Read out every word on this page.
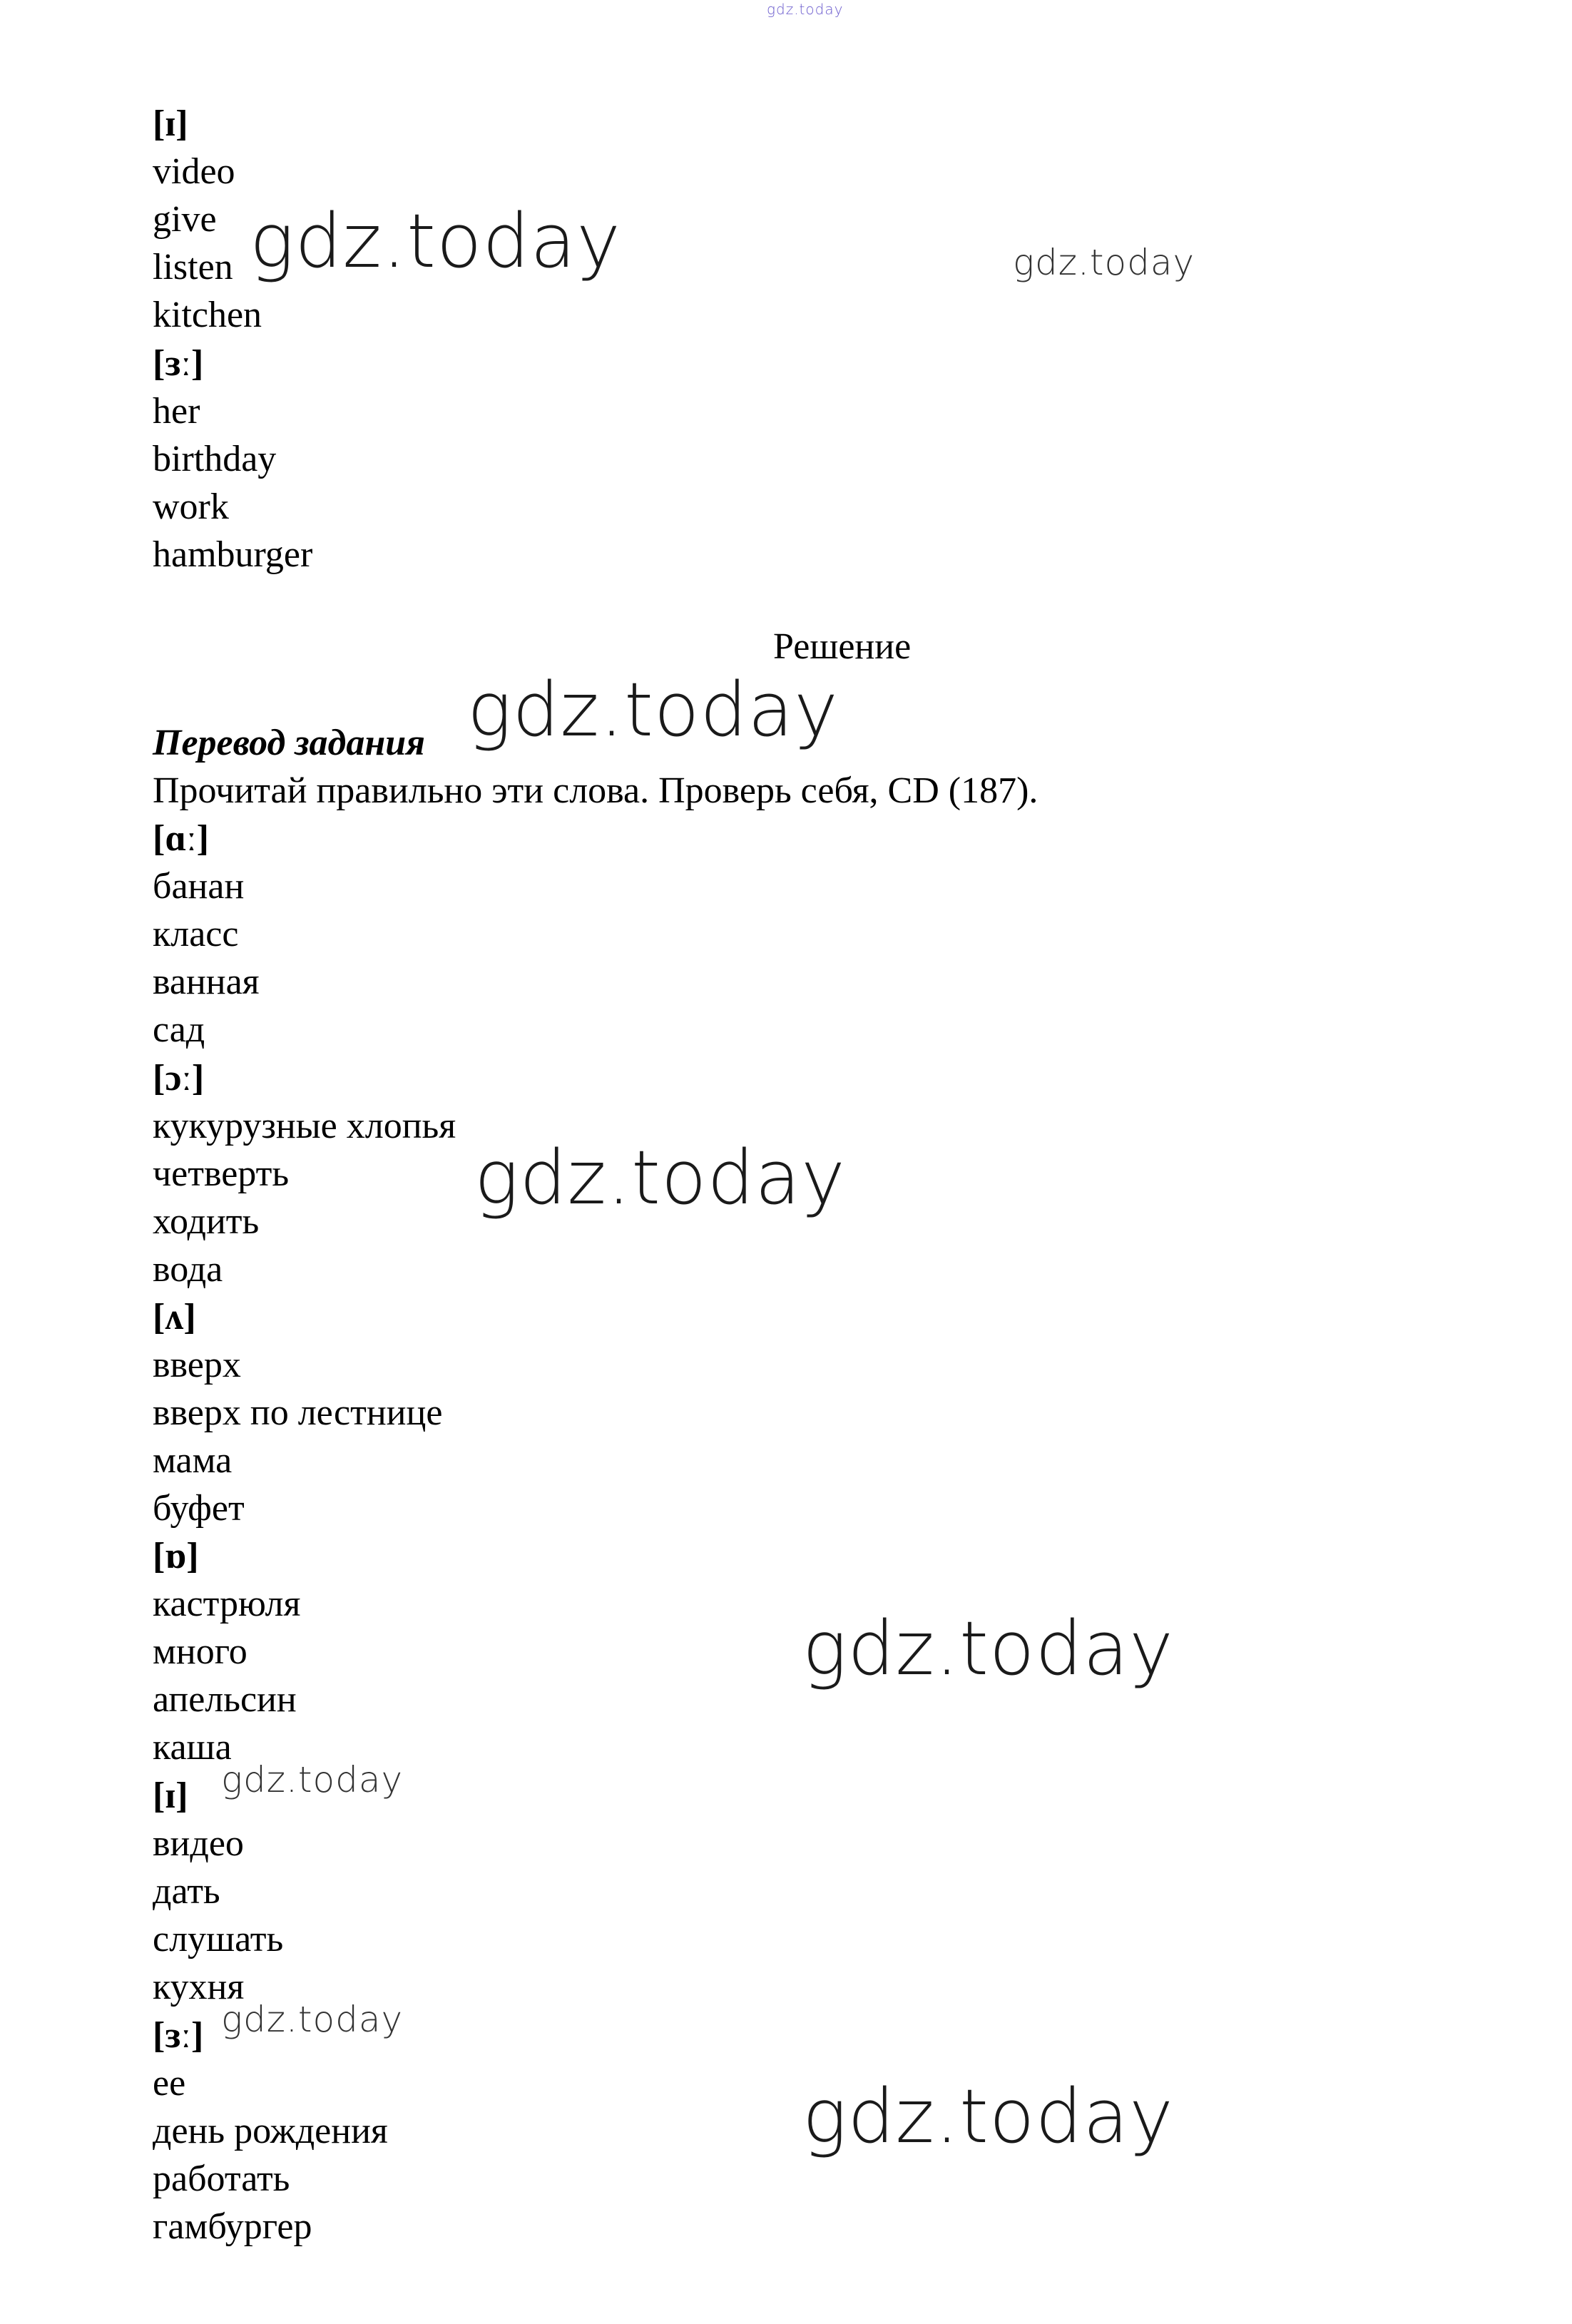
gdz.today

[ɪ]

video

give

listen

kitchen

[ɜː]

her

birthday

work

hamburger

Решение

Перевод задания

Прочитай правильно эти слова. Проверь себя, CD (187).

[ɑː]

банан

класс

ванная

сад

[ɔː]

кукурузные хлопья

четверть

ходить

вода

[ʌ]

вверх

вверх по лестнице

мама

буфет

[ɒ]

кастрюля

много

апельсин

каша

[ɪ]

видео

дать

слушать

кухня

[ɜː]

ее

день рождения

работать

гамбургер

gdz.today	gdz.today
gdz.today
gdz.today
gdz.today
gdz.today
gdz.today
gdz.today
